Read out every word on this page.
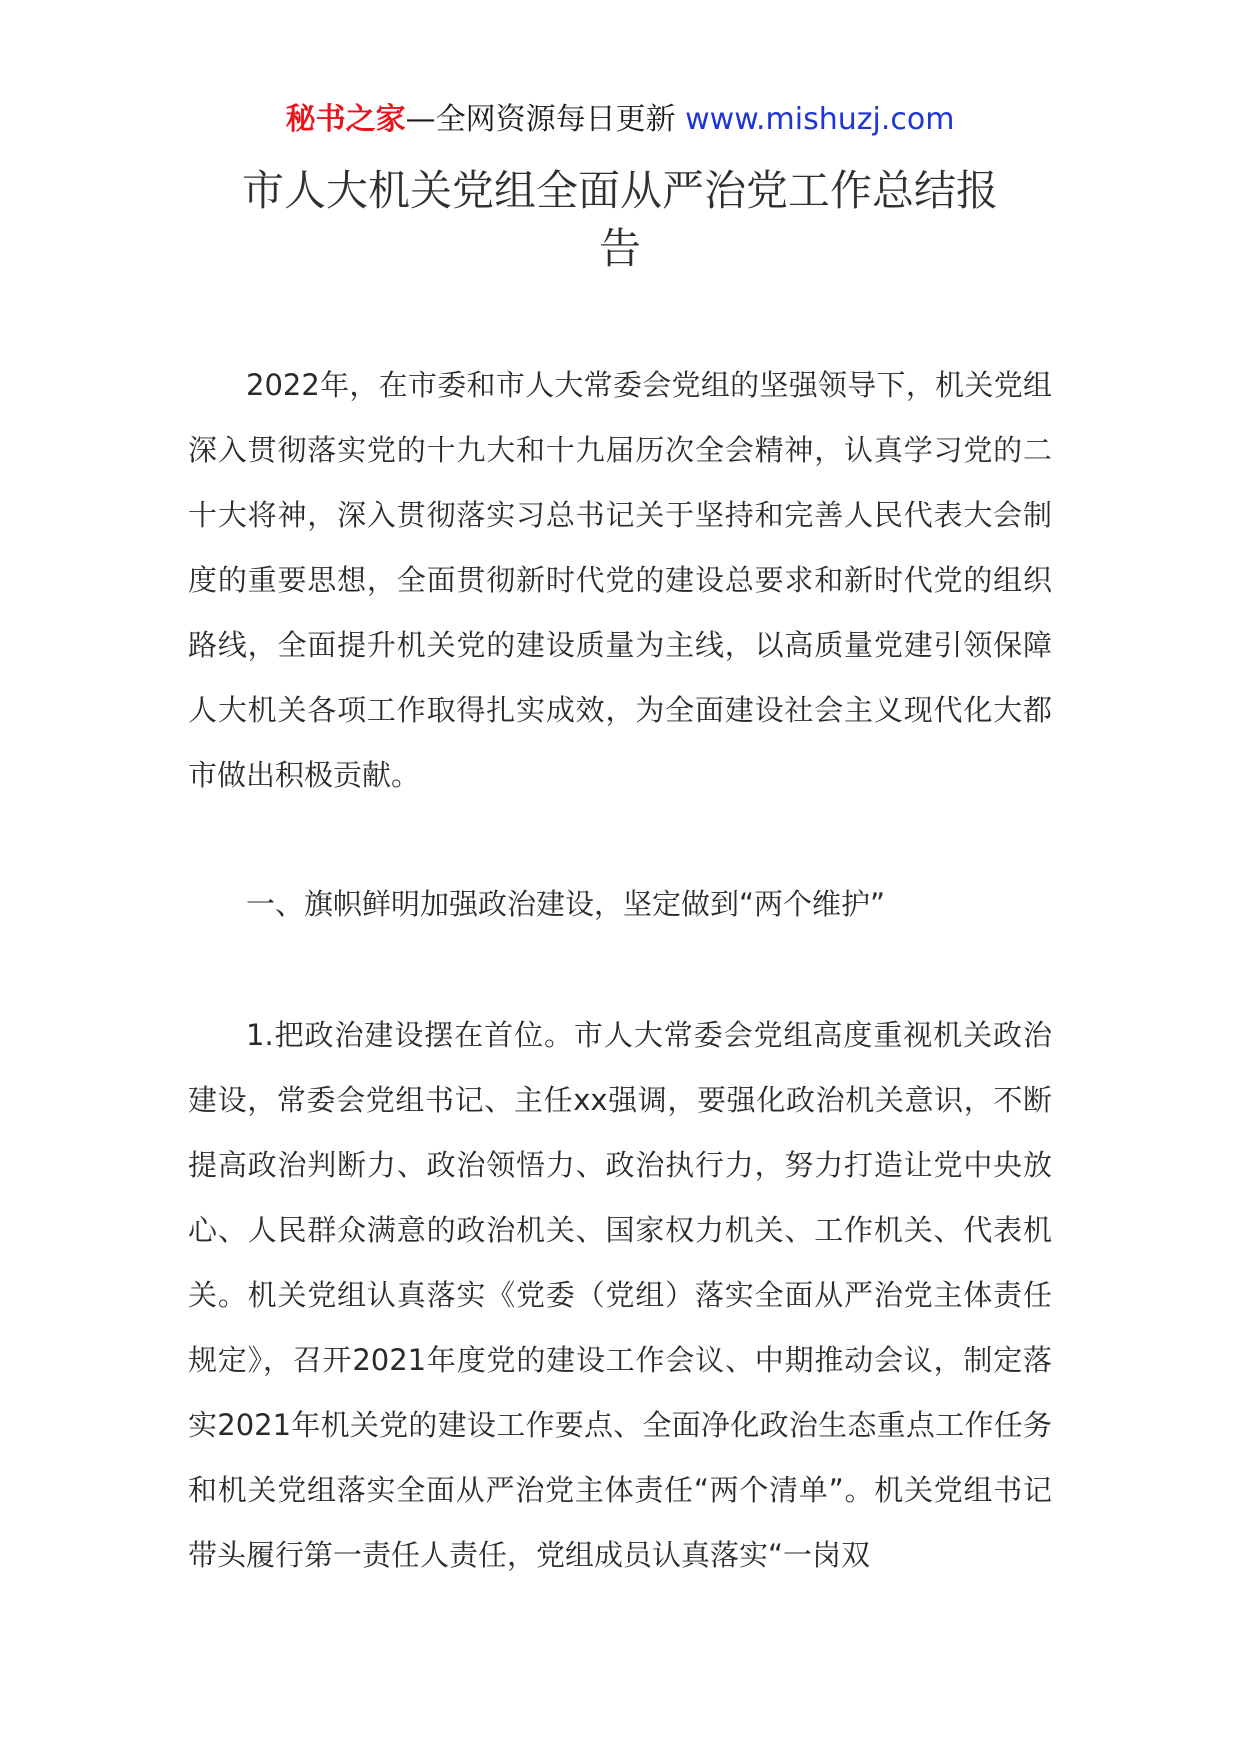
秘书之家—全网资源每日更新 www.mishuzj.com
市人大机关党组全面从严治党工作总结报告

2022年，在市委和市人大常委会党组的坚强领导下，机关党组深入贯彻落实党的十九大和十九届历次全会精神，认真学习党的二十大将神，深入贯彻落实习总书记关于坚持和完善人民代表大会制度的重要思想，全面贯彻新时代党的建设总要求和新时代党的组织路线，全面提升机关党的建设质量为主线，以高质量党建引领保障人大机关各项工作取得扎实成效，为全面建设社会主义现代化大都市做出积极贡献。

一、旗帜鲜明加强政治建设，坚定做到“两个维护”

1.把政治建设摆在首位。市人大常委会党组高度重视机关政治建设，常委会党组书记、主任xx强调，要强化政治机关意识，不断提高政治判断力、政治领悟力、政治执行力，努力打造让党中央放心、人民群众满意的政治机关、国家权力机关、工作机关、代表机关。机关党组认真落实《党委（党组）落实全面从严治党主体责任规定》，召开2021年度党的建设工作会议、中期推动会议，制定落实2021年机关党的建设工作要点、全面净化政治生态重点工作任务和机关党组落实全面从严治党主体责任“两个清单”。机关党组书记带头履行第一责任人责任，党组成员认真落实“一岗双
